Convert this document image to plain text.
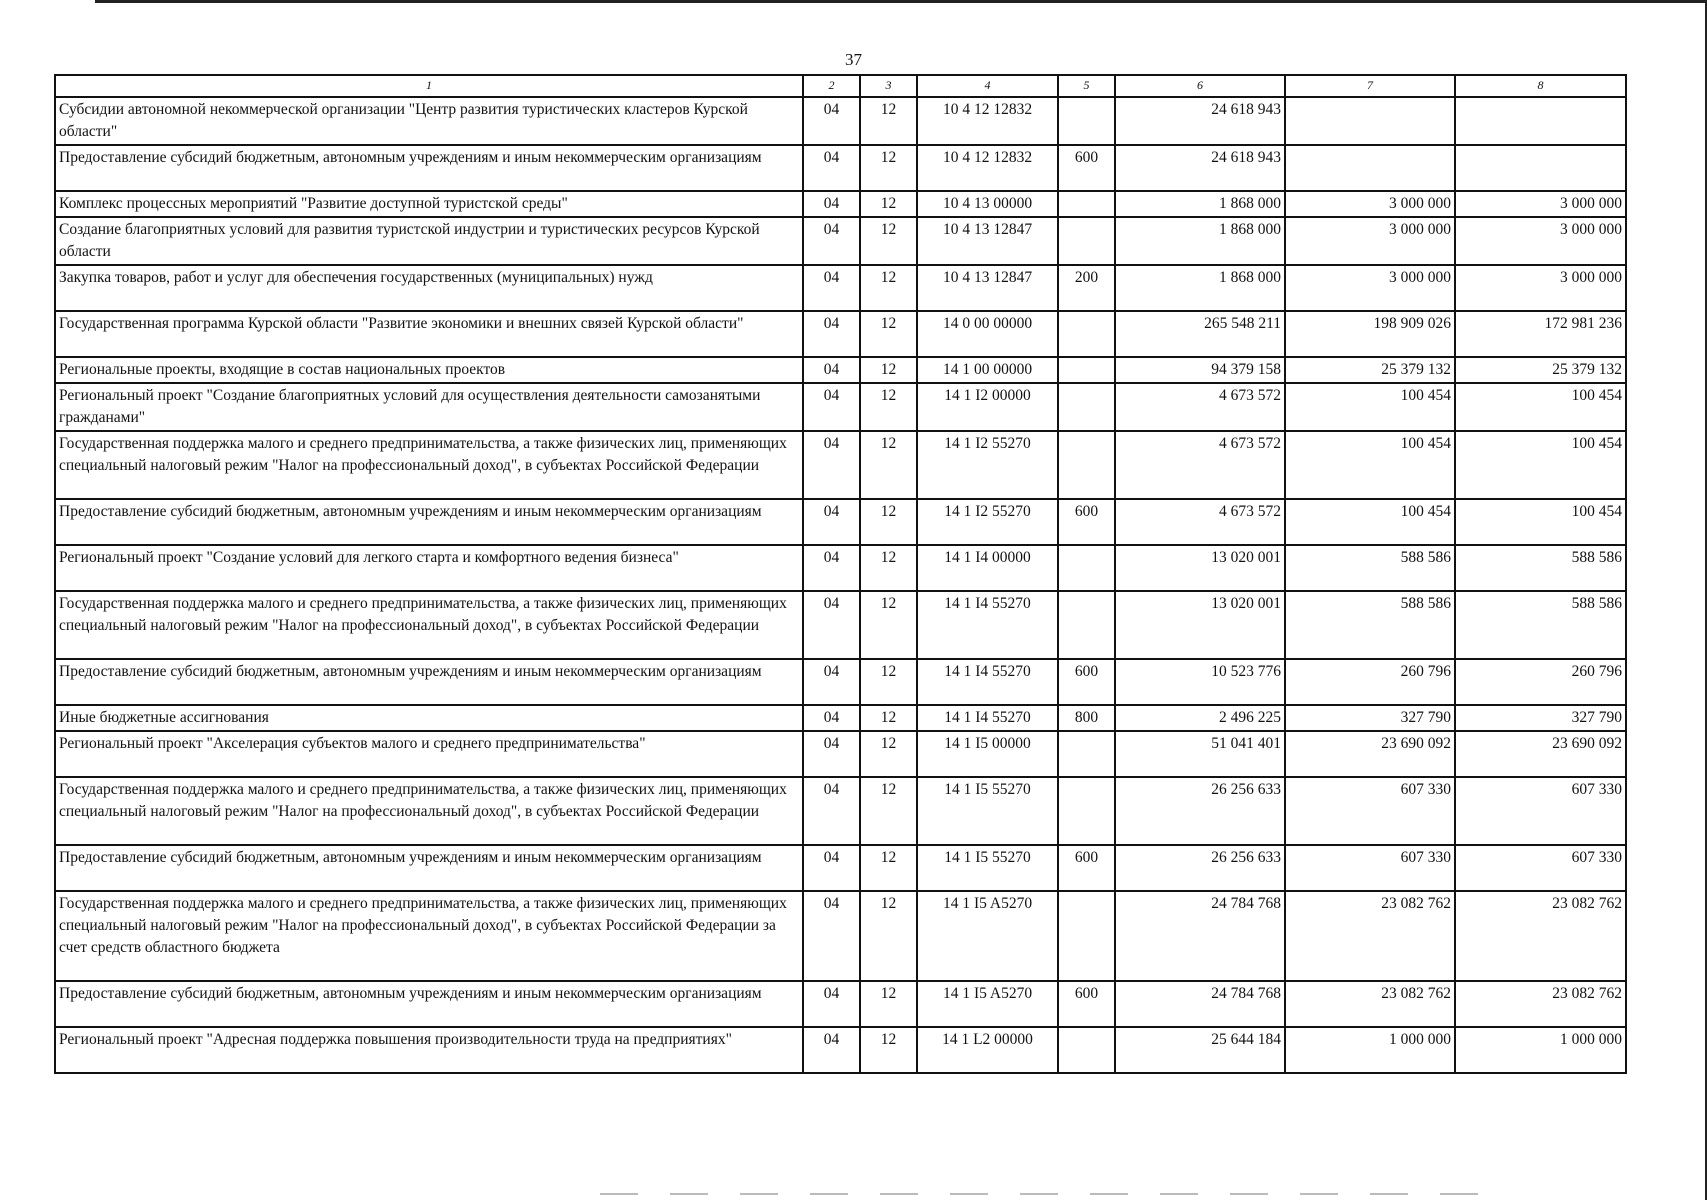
37
1	2	3	4	5	6	7	8
Субсидии автономной некоммерческой организации "Центр развития туристических кластеров Курской области"	04	12	10 4 12 12832		24 618 943		
Предоставление субсидий бюджетным, автономным учреждениям и иным некоммерческим организациям	04	12	10 4 12 12832	600	24 618 943		
Комплекс процессных мероприятий "Развитие доступной туристской среды"	04	12	10 4 13 00000		1 868 000	3 000 000	3 000 000
Создание благоприятных условий для развития туристской индустрии и туристических ресурсов Курской области	04	12	10 4 13 12847		1 868 000	3 000 000	3 000 000
Закупка товаров, работ и услуг для обеспечения государственных (муниципальных) нужд	04	12	10 4 13 12847	200	1 868 000	3 000 000	3 000 000
Государственная программа Курской области "Развитие экономики и внешних связей Курской области"	04	12	14 0 00 00000		265 548 211	198 909 026	172 981 236
Региональные проекты, входящие в состав национальных проектов	04	12	14 1 00 00000		94 379 158	25 379 132	25 379 132
Региональный проект "Создание благоприятных условий для осуществления деятельности самозанятыми гражданами"	04	12	14 1 I2 00000		4 673 572	100 454	100 454
Государственная поддержка малого и среднего предпринимательства, а также физических лиц, применяющих специальный налоговый режим "Налог на профессиональный доход", в субъектах Российской Федерации	04	12	14 1 I2 55270		4 673 572	100 454	100 454
Предоставление субсидий бюджетным, автономным учреждениям и иным некоммерческим организациям	04	12	14 1 I2 55270	600	4 673 572	100 454	100 454
Региональный проект "Создание условий для легкого старта и комфортного ведения бизнеса"	04	12	14 1 I4 00000		13 020 001	588 586	588 586
Государственная поддержка малого и среднего предпринимательства, а также физических лиц, применяющих специальный налоговый режим "Налог на профессиональный доход", в субъектах Российской Федерации	04	12	14 1 I4 55270		13 020 001	588 586	588 586
Предоставление субсидий бюджетным, автономным учреждениям и иным некоммерческим организациям	04	12	14 1 I4 55270	600	10 523 776	260 796	260 796
Иные бюджетные ассигнования	04	12	14 1 I4 55270	800	2 496 225	327 790	327 790
Региональный проект "Акселерация субъектов малого и среднего предпринимательства"	04	12	14 1 I5 00000		51 041 401	23 690 092	23 690 092
Государственная поддержка малого и среднего предпринимательства, а также физических лиц, применяющих специальный налоговый режим "Налог на профессиональный доход", в субъектах Российской Федерации	04	12	14 1 I5 55270		26 256 633	607 330	607 330
Предоставление субсидий бюджетным, автономным учреждениям и иным некоммерческим организациям	04	12	14 1 I5 55270	600	26 256 633	607 330	607 330
Государственная поддержка малого и среднего предпринимательства, а также физических лиц, применяющих специальный налоговый режим "Налог на профессиональный доход", в субъектах Российской Федерации за счет средств областного бюджета	04	12	14 1 I5 A5270		24 784 768	23 082 762	23 082 762
Предоставление субсидий бюджетным, автономным учреждениям и иным некоммерческим организациям	04	12	14 1 I5 A5270	600	24 784 768	23 082 762	23 082 762
Региональный проект "Адресная поддержка повышения производительности труда на предприятиях"	04	12	14 1 L2 00000		25 644 184	1 000 000	1 000 000
